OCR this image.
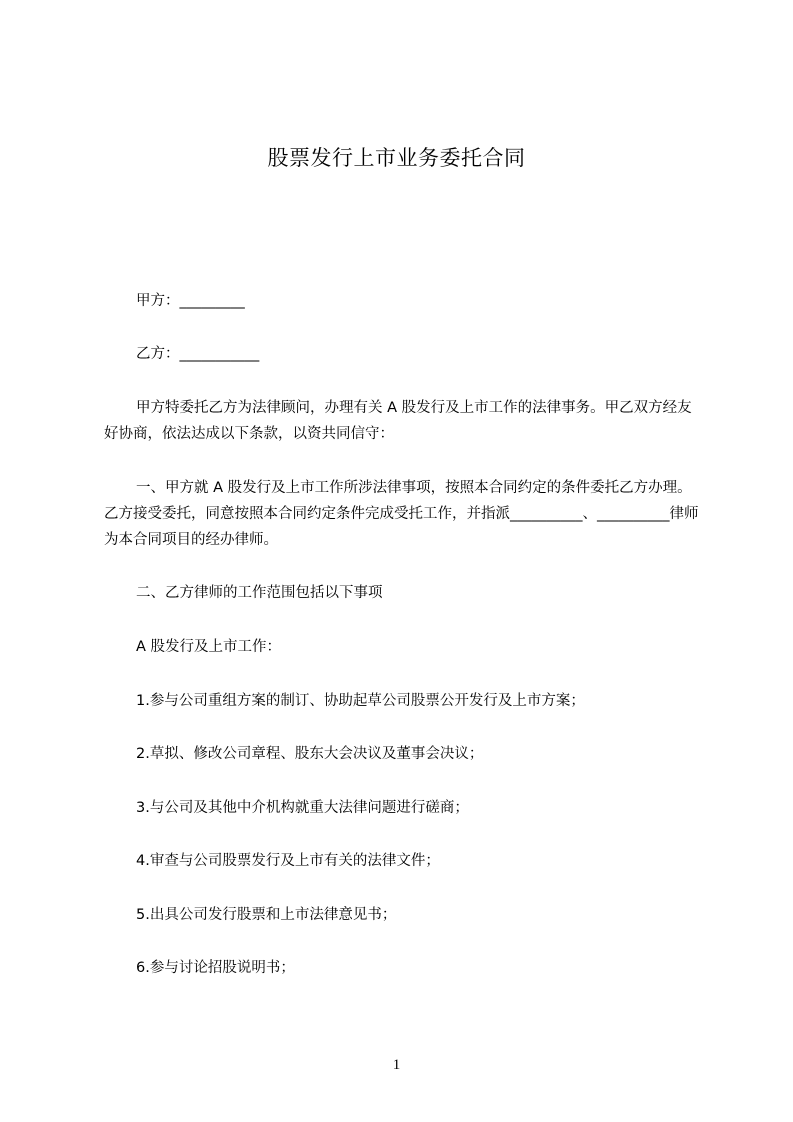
股票发行上市业务委托合同
甲方：_________
乙方：___________
甲方特委托乙方为法律顾问，办理有关 A 股发行及上市工作的法律事务。甲乙双方经友好协商，依法达成以下条款，以资共同信守：
一、甲方就 A 股发行及上市工作所涉法律事项，按照本合同约定的条件委托乙方办理。乙方接受委托，同意按照本合同约定条件完成受托工作，并指派__________、__________律师为本合同项目的经办律师。
二、乙方律师的工作范围包括以下事项
A 股发行及上市工作：
1.参与公司重组方案的制订、协助起草公司股票公开发行及上市方案；
2.草拟、修改公司章程、股东大会决议及董事会决议；
3.与公司及其他中介机构就重大法律问题进行磋商；
4.审查与公司股票发行及上市有关的法律文件；
5.出具公司发行股票和上市法律意见书；
6.参与讨论招股说明书；
1
